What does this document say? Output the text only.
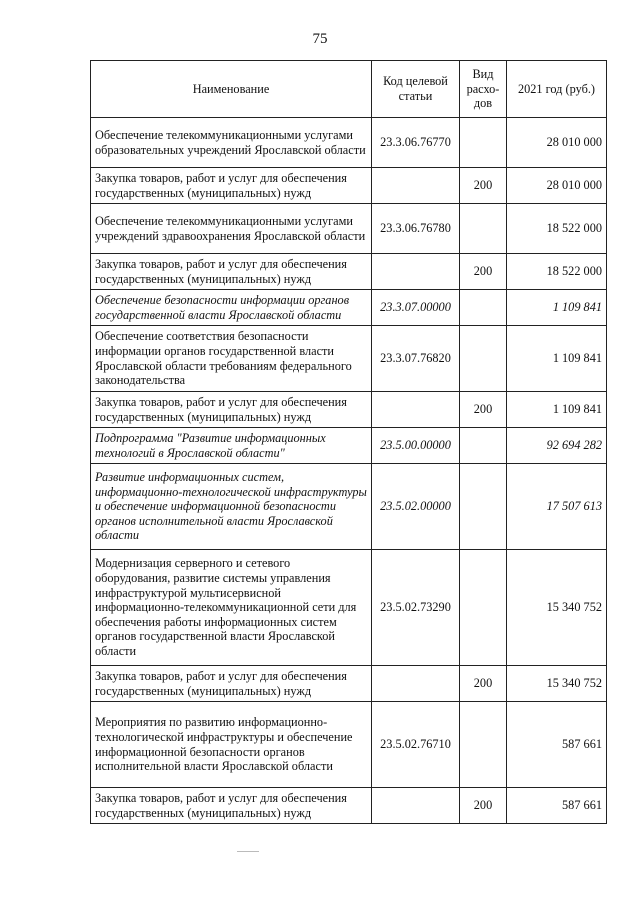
75
Наименование	Код целевой статьи	Вид расхо-дов	2021 год (руб.)
Обеспечение телекоммуникационными услугами образовательных учреждений Ярославской области	23.3.06.76770		28 010 000
Закупка товаров, работ и услуг для обеспечения государственных (муниципальных) нужд		200	28 010 000
Обеспечение телекоммуникационными услугами учреждений здравоохранения Ярославской области	23.3.06.76780		18 522 000
Закупка товаров, работ и услуг для обеспечения государственных (муниципальных) нужд		200	18 522 000
Обеспечение безопасности информации органов государственной власти Ярославской области	23.3.07.00000		1 109 841
Обеспечение соответствия безопасности информации органов государственной власти Ярославской области требованиям федерального законодательства	23.3.07.76820		1 109 841
Закупка товаров, работ и услуг для обеспечения государственных (муниципальных) нужд		200	1 109 841
Подпрограмма "Развитие информационных технологий в Ярославской области"	23.5.00.00000		92 694 282
Развитие информационных систем, информационно-технологической инфраструктуры и обеспечение информационной безопасности органов исполнительной власти Ярославской области	23.5.02.00000		17 507 613
Модернизация серверного и сетевого оборудования, развитие системы управления инфраструктурой мультисервисной информационно-телекоммуникационной сети для обеспечения работы информационных систем органов государственной власти Ярославской области	23.5.02.73290		15 340 752
Закупка товаров, работ и услуг для обеспечения государственных (муниципальных) нужд		200	15 340 752
Мероприятия по развитию информационно-технологической инфраструктуры и обеспечение информационной безопасности органов исполнительной власти Ярославской области	23.5.02.76710		587 661
Закупка товаров, работ и услуг для обеспечения государственных (муниципальных) нужд		200	587 661
